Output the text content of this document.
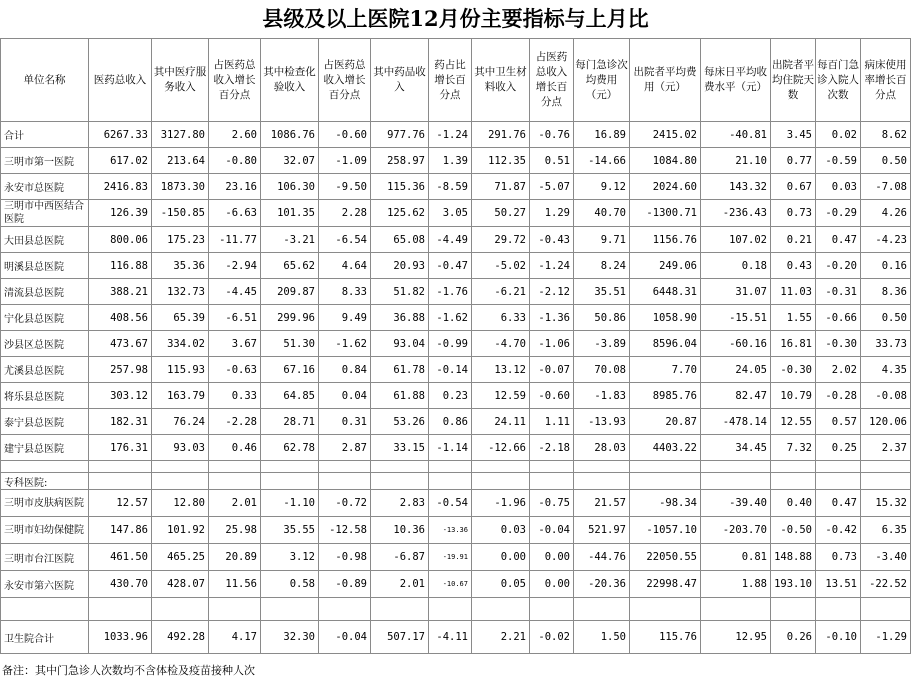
县级及以上医院12月份主要指标与上月比
单位名称	医药总收入	其中医疗服务收入	占医药总收入增长百分点	其中检查化验收入	占医药总收入增长百分点	其中药品收入	药占比增长百分点	其中卫生材料收入	占医药总收入增长百分点	每门急诊次均费用（元）	出院者平均费用（元）	每床日平均收费水平（元）	出院者平均住院天数	每百门急诊入院人次数	病床使用率增长百分点
合计	6267.33	3127.80	2.60	1086.76	-0.60	977.76	-1.24	291.76	-0.76	16.89	2415.02	-40.81	3.45	0.02	8.62
三明市第一医院	617.02	213.64	-0.80	32.07	-1.09	258.97	1.39	112.35	0.51	-14.66	1084.80	21.10	0.77	-0.59	0.50
永安市总医院	2416.83	1873.30	23.16	106.30	-9.50	115.36	-8.59	71.87	-5.07	9.12	2024.60	143.32	0.67	0.03	-7.08
三明市中西医结合医院	126.39	-150.85	-6.63	101.35	2.28	125.62	3.05	50.27	1.29	40.70	-1300.71	-236.43	0.73	-0.29	4.26
大田县总医院	800.06	175.23	-11.77	-3.21	-6.54	65.08	-4.49	29.72	-0.43	9.71	1156.76	107.02	0.21	0.47	-4.23
明溪县总医院	116.88	35.36	-2.94	65.62	4.64	20.93	-0.47	-5.02	-1.24	8.24	249.06	0.18	0.43	-0.20	0.16
清流县总医院	388.21	132.73	-4.45	209.87	8.33	51.82	-1.76	-6.21	-2.12	35.51	6448.31	31.07	11.03	-0.31	8.36
宁化县总医院	408.56	65.39	-6.51	299.96	9.49	36.88	-1.62	6.33	-1.36	50.86	1058.90	-15.51	1.55	-0.66	0.50
沙县区总医院	473.67	334.02	3.67	51.30	-1.62	93.04	-0.99	-4.70	-1.06	-3.89	8596.04	-60.16	16.81	-0.30	33.73
尤溪县总医院	257.98	115.93	-0.63	67.16	0.84	61.78	-0.14	13.12	-0.07	70.08	7.70	24.05	-0.30	2.02	4.35
将乐县总医院	303.12	163.79	0.33	64.85	0.04	61.88	0.23	12.59	-0.60	-1.83	8985.76	82.47	10.79	-0.28	-0.08
泰宁县总医院	182.31	76.24	-2.28	28.71	0.31	53.26	0.86	24.11	1.11	-13.93	20.87	-478.14	12.55	0.57	120.06
建宁县总医院	176.31	93.03	0.46	62.78	2.87	33.15	-1.14	-12.66	-2.18	28.03	4403.22	34.45	7.32	0.25	2.37

专科医院:															
三明市皮肤病医院	12.57	12.80	2.01	-1.10	-0.72	2.83	-0.54	-1.96	-0.75	21.57	-98.34	-39.40	0.40	0.47	15.32
三明市妇幼保健院	147.86	101.92	25.98	35.55	-12.58	10.36	-13.36	0.03	-0.04	521.97	-1057.10	-203.70	-0.50	-0.42	6.35
三明市台江医院	461.50	465.25	20.89	3.12	-0.98	-6.87	-19.91	0.00	0.00	-44.76	22050.55	0.81	148.88	0.73	-3.40
永安市第六医院	430.70	428.07	11.56	0.58	-0.89	2.01	-10.67	0.05	0.00	-20.36	22998.47	1.88	193.10	13.51	-22.52

卫生院合计	1033.96	492.28	4.17	32.30	-0.04	507.17	-4.11	2.21	-0.02	1.50	115.76	12.95	0.26	-0.10	-1.29
备注：其中门急诊人次数均不含体检及疫苗接种人次
